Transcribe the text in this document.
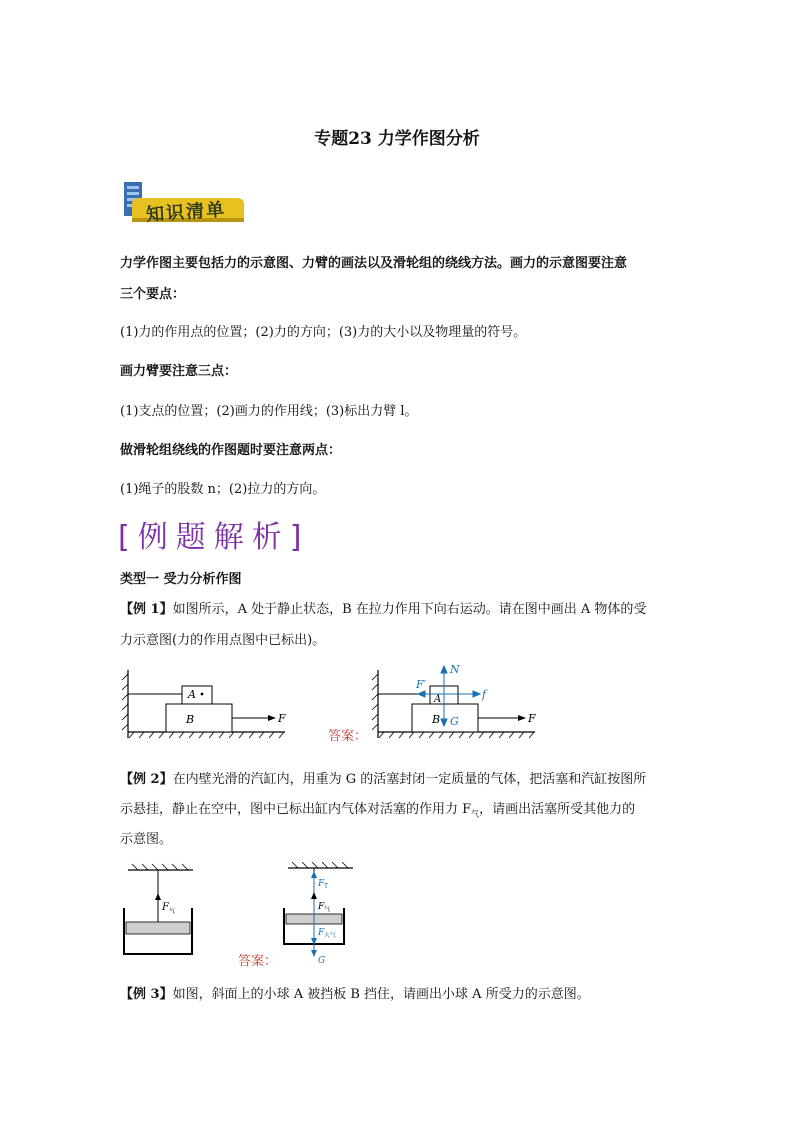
专题23 力学作图分析
知识清单
力学作图主要包括力的示意图、力臂的画法以及滑轮组的绕线方法。画力的示意图要注意
三个要点：
(1)力的作用点的位置；(2)力的方向；(3)力的大小以及物理量的符号。
画力臂要注意三点：
(1)支点的位置；(2)画力的作用线；(3)标出力臂 l。
做滑轮组绕线的作图题时要注意两点：
(1)绳子的股数 n；(2)拉力的方向。
[例题解析]
类型一 受力分析作图
【例 1】如图所示，A 处于静止状态，B 在拉力作用下向右运动。请在图中画出 A 物体的受
力示意图(力的作用点图中已标出)。
A
B	F
答案：
N
F′
f
A
B G	F
【例 2】在内壁光滑的汽缸内，用重为 G 的活塞封闭一定质量的气体，把活塞和汽缸按图所
示悬挂，静止在空中，图中已标出缸内气体对活塞的作用力 $F_气$，请画出活塞所受其他力的
示意图。
F 气
答案：
F T
F 气
F 大气
G
【例 3】如图，斜面上的小球 A 被挡板 B 挡住，请画出小球 A 所受力的示意图。
